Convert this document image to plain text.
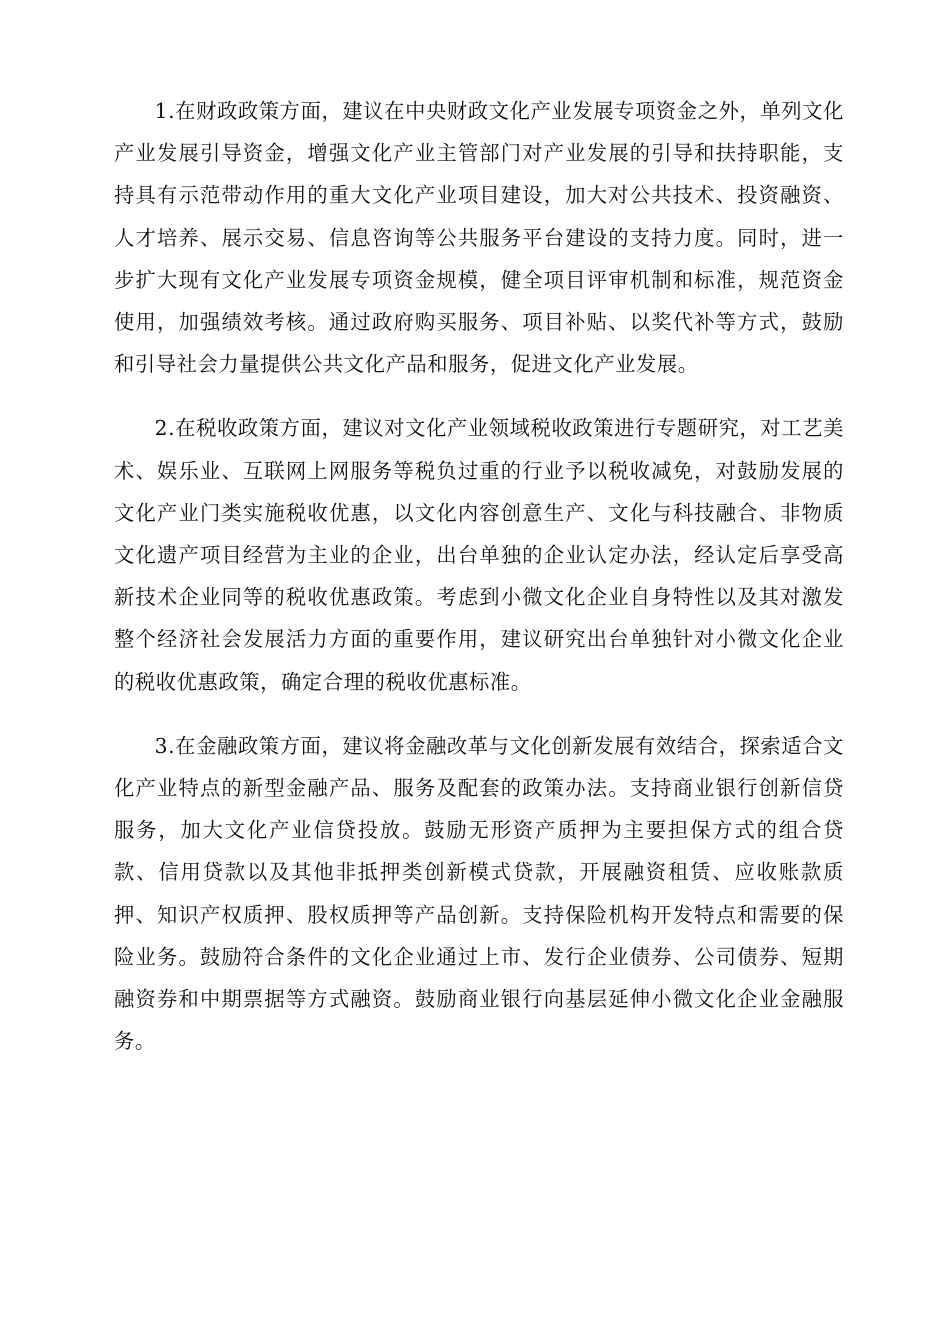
1.在财政政策方面，建议在中央财政文化产业发展专项资金之外，单列文化产业发展引导资金，增强文化产业主管部门对产业发展的引导和扶持职能，支持具有示范带动作用的重大文化产业项目建设，加大对公共技术、投资融资、人才培养、展示交易、信息咨询等公共服务平台建设的支持力度。同时，进一步扩大现有文化产业发展专项资金规模，健全项目评审机制和标准，规范资金使用，加强绩效考核。通过政府购买服务、项目补贴、以奖代补等方式，鼓励和引导社会力量提供公共文化产品和服务，促进文化产业发展。

2.在税收政策方面，建议对文化产业领域税收政策进行专题研究，对工艺美术、娱乐业、互联网上网服务等税负过重的行业予以税收减免，对鼓励发展的文化产业门类实施税收优惠，以文化内容创意生产、文化与科技融合、非物质文化遗产项目经营为主业的企业，出台单独的企业认定办法，经认定后享受高新技术企业同等的税收优惠政策。考虑到小微文化企业自身特性以及其对激发整个经济社会发展活力方面的重要作用，建议研究出台单独针对小微文化企业的税收优惠政策，确定合理的税收优惠标准。

3.在金融政策方面，建议将金融改革与文化创新发展有效结合，探索适合文化产业特点的新型金融产品、服务及配套的政策办法。支持商业银行创新信贷服务，加大文化产业信贷投放。鼓励无形资产质押为主要担保方式的组合贷款、信用贷款以及其他非抵押类创新模式贷款，开展融资租赁、应收账款质押、知识产权质押、股权质押等产品创新。支持保险机构开发特点和需要的保险业务。鼓励符合条件的文化企业通过上市、发行企业债券、公司债券、短期融资券和中期票据等方式融资。鼓励商业银行向基层延伸小微文化企业金融服务。
